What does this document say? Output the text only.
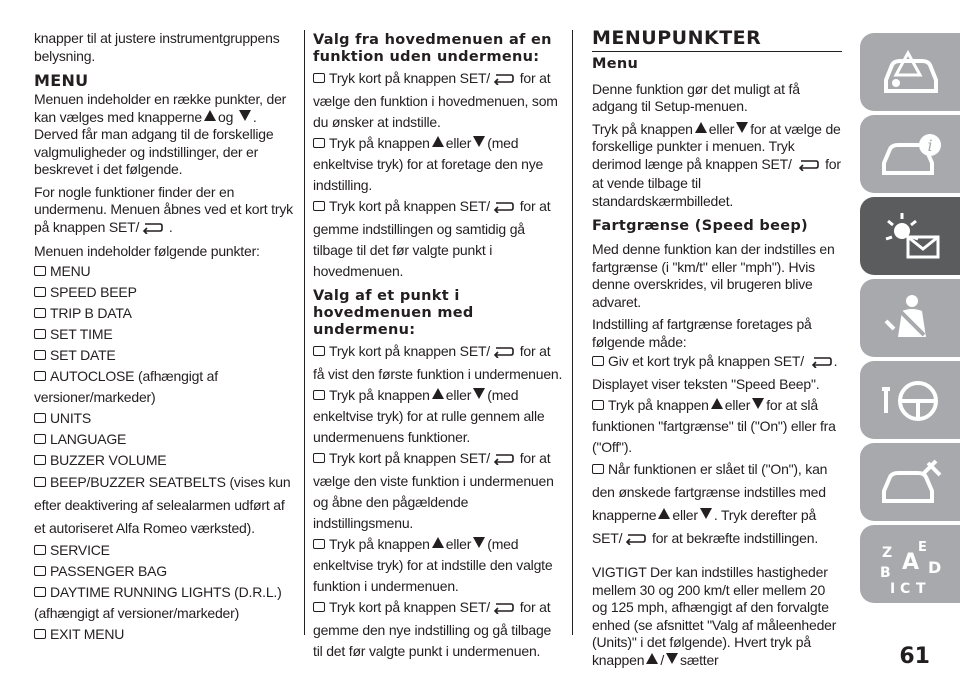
knapper til at justere instrumentgruppens belysning.

MENU

Menuen indeholder en række punkter, der kan vælges med knapperne og . Derved får man adgang til de forskellige valgmuligheder og indstillinger, der er beskrevet i det følgende.

For nogle funktioner finder der en undermenu. Menuen åbnes ved et kort tryk på knappen SET/ .

Menuen indeholder følgende punkter:

MENU
SPEED BEEP
TRIP B DATA
SET TIME
SET DATE
AUTOCLOSE (afhængigt af versioner/markeder)
UNITS
LANGUAGE
BUZZER VOLUME
BEEP/BUZZER SEATBELTS (vises kun efter deaktivering af selealarmen udført af et autoriseret Alfa Romeo værksted).
SERVICE
PASSENGER BAG
DAYTIME RUNNING LIGHTS (D.R.L.) (afhængigt af versioner/markeder)
EXIT MENU
Valg fra hovedmenuen af en funktion uden undermenu:
Tryk kort på knappen SET/ for at vælge den funktion i hovedmenuen, som du ønsker at indstille.
Tryk på knappen eller (med enkeltvise tryk) for at foretage den nye indstilling.
Tryk kort på knappen SET/ for at gemme indstillingen og samtidig gå tilbage til det før valgte punkt i hovedmenuen.
Valg af et punkt i hovedmenuen med undermenu:
Tryk kort på knappen SET/ for at få vist den første funktion i undermenuen.
Tryk på knappen eller (med enkeltvise tryk) for at rulle gennem alle undermenuens funktioner.
Tryk kort på knappen SET/ for at vælge den viste funktion i undermenuen og åbne den pågældende indstillingsmenu.
Tryk på knappen eller (med enkeltvise tryk) for at indstille den valgte funktion i undermenuen.
Tryk kort på knappen SET/ for at gemme den nye indstilling og gå tilbage til det før valgte punkt i undermenuen.
MENUPUNKTER
Menu

Denne funktion gør det muligt at få adgang til Setup-menuen.

Tryk på knappen eller for at vælge de forskellige punkter i menuen. Tryk derimod længe på knappen SET/ for at vende tilbage til standardskærmbilledet.

Fartgrænse (Speed beep)

Med denne funktion kan der indstilles en fartgrænse (i "km/t" eller "mph"). Hvis denne overskrides, vil brugeren blive advaret.

Indstilling af fartgrænse foretages på følgende måde:

Giv et kort tryk på knappen SET/ . Displayet viser teksten "Speed Beep".
Tryk på knappen eller for at slå funktionen "fartgrænse" til ("On") eller fra ("Off").
Når funktionen er slået til ("On"), kan den ønskede fartgrænse indstilles med knapperne eller . Tryk derefter på SET/ for at bekræfte indstillingen.

VIGTIGT Der kan indstilles hastigheder mellem 30 og 200 km/t eller mellem 20 og 125 mph, afhængigt af den forvalgte enhed (se afsnittet "Valg af måleenheder (Units)" i det følgende). Hvert tryk på knappen / sætter

i
Z E
B A D
I C T
61
